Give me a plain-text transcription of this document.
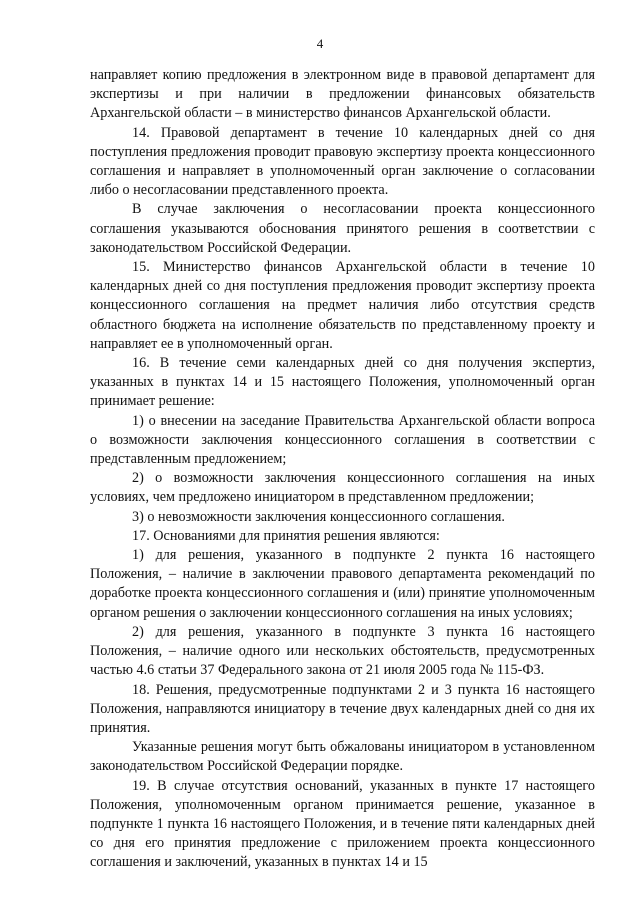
4

направляет копию предложения в электронном виде в правовой департамент для экспертизы и при наличии в предложении финансовых обязательств Архангельской области – в министерство финансов Архангельской области.

14. Правовой департамент в течение 10 календарных дней со дня поступления предложения проводит правовую экспертизу проекта концессионного соглашения и направляет в уполномоченный орган заключение о согласовании либо о несогласовании представленного проекта.

В случае заключения о несогласовании проекта концессионного соглашения указываются обоснования принятого решения в соответствии с законодательством Российской Федерации.

15. Министерство финансов Архангельской области в течение 10 календарных дней со дня поступления предложения проводит экспертизу проекта концессионного соглашения на предмет наличия либо отсутствия средств областного бюджета на исполнение обязательств по представленному проекту и направляет ее в уполномоченный орган.

16. В течение семи календарных дней со дня получения экспертиз, указанных в пунктах 14 и 15 настоящего Положения, уполномоченный орган принимает решение:

1) о внесении на заседание Правительства Архангельской области вопроса о возможности заключения концессионного соглашения в соответствии с представленным предложением;

2) о возможности заключения концессионного соглашения на иных условиях, чем предложено инициатором в представленном предложении;

3) о невозможности заключения концессионного соглашения.

17. Основаниями для принятия решения являются:

1) для решения, указанного в подпункте 2 пункта 16 настоящего Положения, – наличие в заключении правового департамента рекомендаций по доработке проекта концессионного соглашения и (или) принятие уполномоченным органом решения о заключении концессионного соглашения на иных условиях;

2) для решения, указанного в подпункте 3 пункта 16 настоящего Положения, – наличие одного или нескольких обстоятельств, предусмотренных частью 4.6 статьи 37 Федерального закона от 21 июля 2005 года № 115-ФЗ.

18. Решения, предусмотренные подпунктами 2 и 3 пункта 16 настоящего Положения, направляются инициатору в течение двух календарных дней со дня их принятия.

Указанные решения могут быть обжалованы инициатором в установленном законодательством Российской Федерации порядке.

19. В случае отсутствия оснований, указанных в пункте 17 настоящего Положения, уполномоченным органом принимается решение, указанное в подпункте 1 пункта 16 настоящего Положения, и в течение пяти календарных дней со дня его принятия предложение с приложением проекта концессионного соглашения и заключений, указанных в пунктах 14 и 15
